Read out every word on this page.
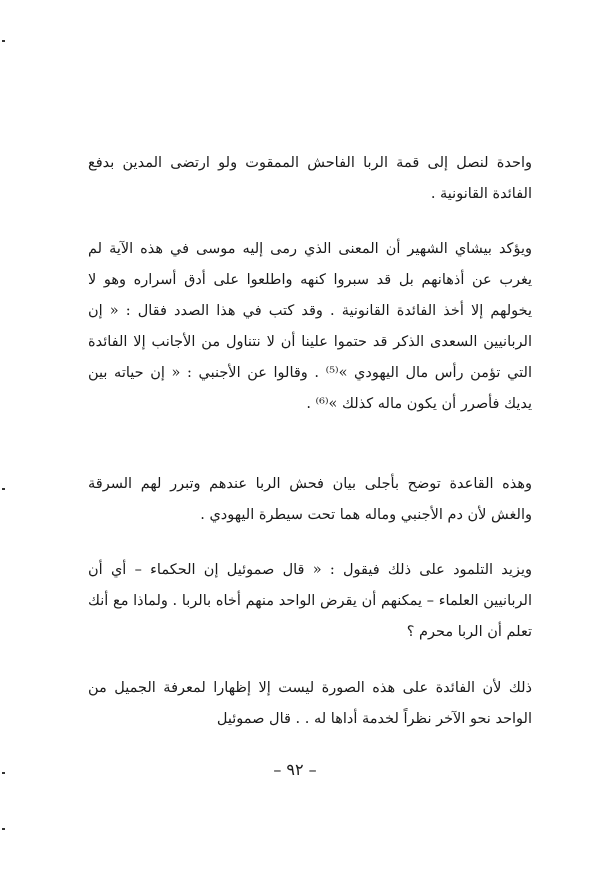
واحدة لنصل إلى قمة الربا الفاحش الممقوت ولو ارتضى المدين بدفع الفائدة القانونية .

ويؤكد بيشاي الشهير أن المعنى الذي رمى إليه موسى في هذه الآية لم يغرب عن أذهانهم بل قد سبروا كنهه واطلعوا على أدق أسراره وهو لا يخولهم إلا أخذ الفائدة القانونية . وقد كتب في هذا الصدد فقال : « إن الربانيين السعدى الذكر قد حتموا علينا أن لا نتناول من الأجانب إلا الفائدة التي تؤمن رأس مال اليهودي »⁽⁵⁾ . وقالوا عن الأجنبي : « إن حياته بين يديك فأصرر أن يكون ماله كذلك »⁽⁶⁾ .

وهذه القاعدة توضح بأجلى بيان فحش الربا عندهم وتبرر لهم السرقة والغش لأن دم الأجنبي وماله هما تحت سيطرة اليهودي .

ويزيد التلمود على ذلك فيقول : « قال صموئيل إن الحكماء – أي أن الربانيين العلماء – يمكنهم أن يقرض الواحد منهم أخاه بالربا . ولماذا مع أنك تعلم أن الربا محرم ؟

ذلك لأن الفائدة على هذه الصورة ليست إلا إظهارا لمعرفة الجميل من الواحد نحو الآخر نظراً لخدمة أداها له . . قال صموئيل

– ٩٢ –
